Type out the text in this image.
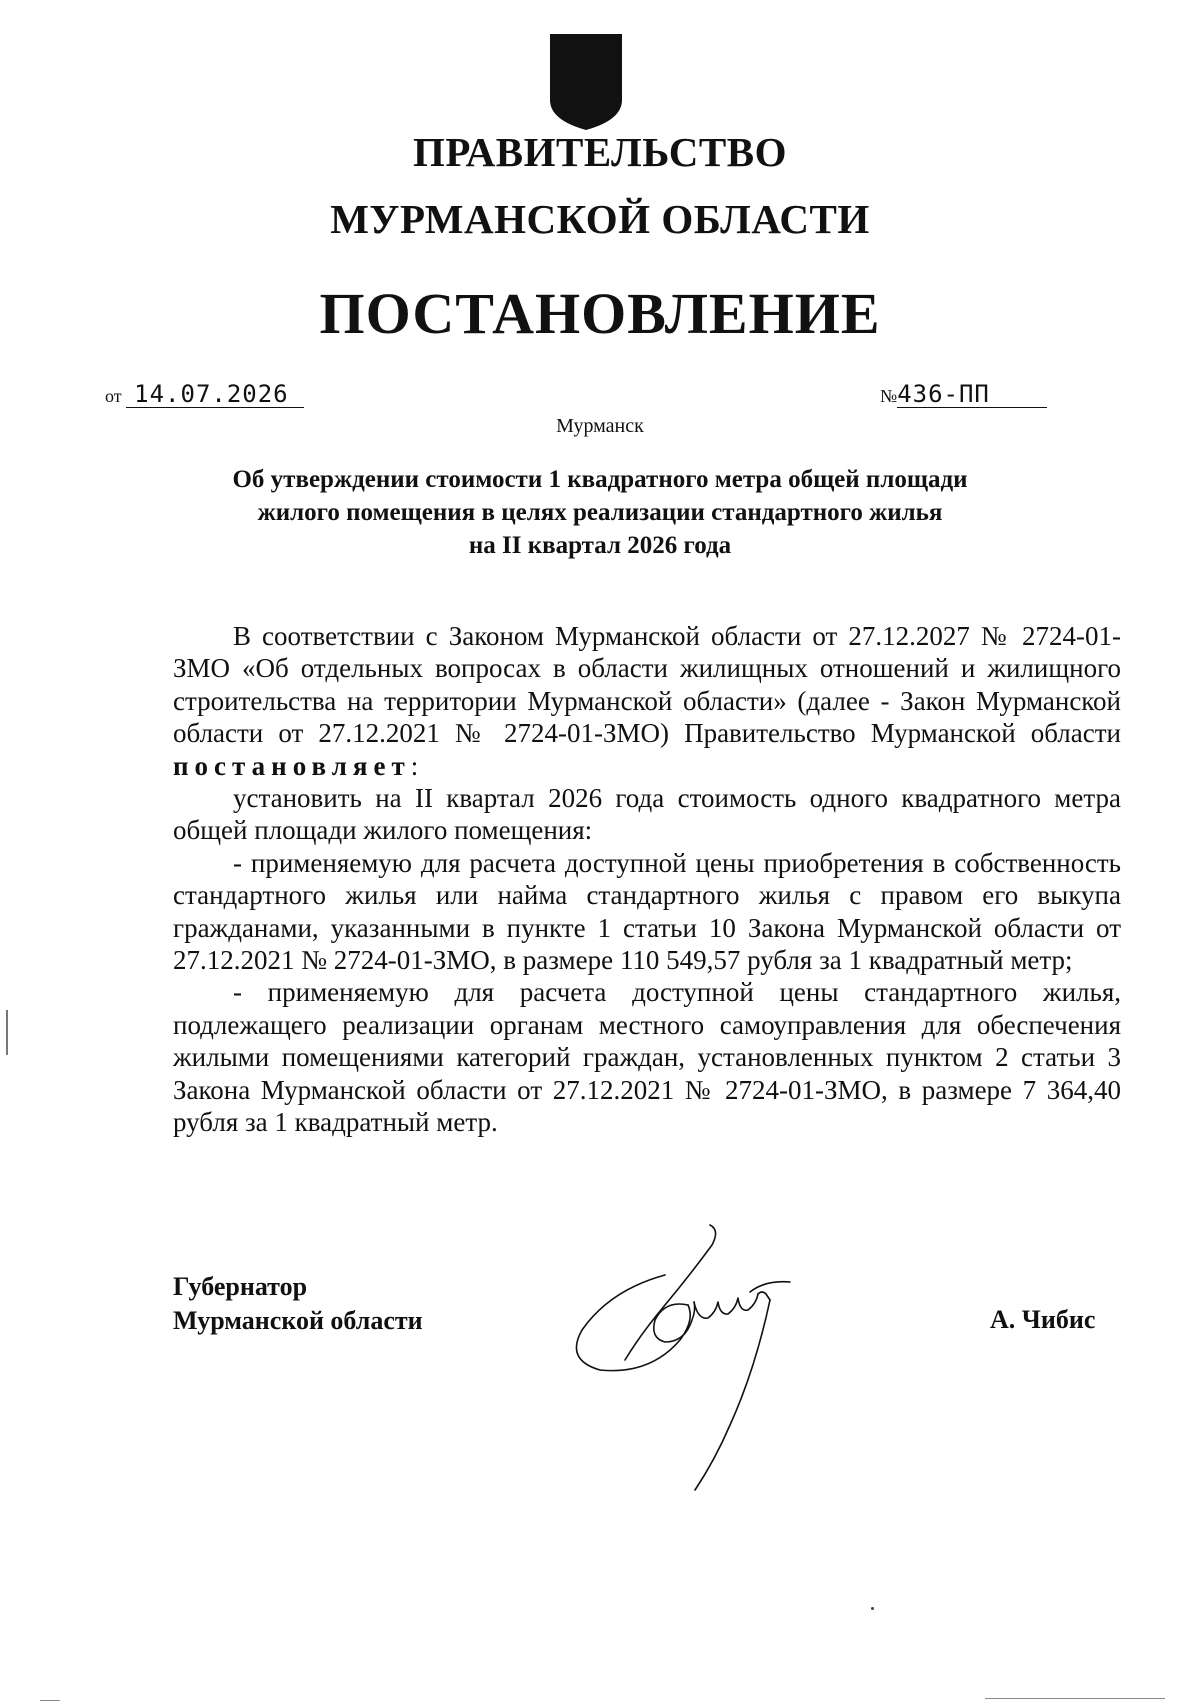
ПРАВИТЕЛЬСТВО
МУРМАНСКОЙ ОБЛАСТИ
ПОСТАНОВЛЕНИЕ
от 14.07.2026	№436-ПП
Мурманск
Об утверждении стоимости 1 квадратного метра общей площади
жилого помещения в целях реализации стандартного жилья
на II квартал 2026 года

В соответствии с Законом Мурманской области от 27.12.2027 № 2724-01-ЗМО «Об отдельных вопросах в области жилищных отношений и жилищного строительства на территории Мурманской области» (далее - Закон Мурманской области от 27.12.2021 № 2724-01-ЗМО) Правительство Мурманской области постановляет:

установить на II квартал 2026 года стоимость одного квадратного метра общей площади жилого помещения:

- применяемую для расчета доступной цены приобретения в собственность стандартного жилья или найма стандартного жилья с правом его выкупа гражданами, указанными в пункте 1 статьи 10 Закона Мурманской области от 27.12.2021 № 2724-01-ЗМО, в размере 110 549,57 рубля за 1 квадратный метр;

- применяемую для расчета доступной цены стандартного жилья, подлежащего реализации органам местного самоуправления для обеспечения жилыми помещениями категорий граждан, установленных пунктом 2 статьи 3 Закона Мурманской области от 27.12.2021 № 2724-01-ЗМО, в размере 7 364,40 рубля за 1 квадратный метр.

Губернатор
Мурманской области	А. Чибис
